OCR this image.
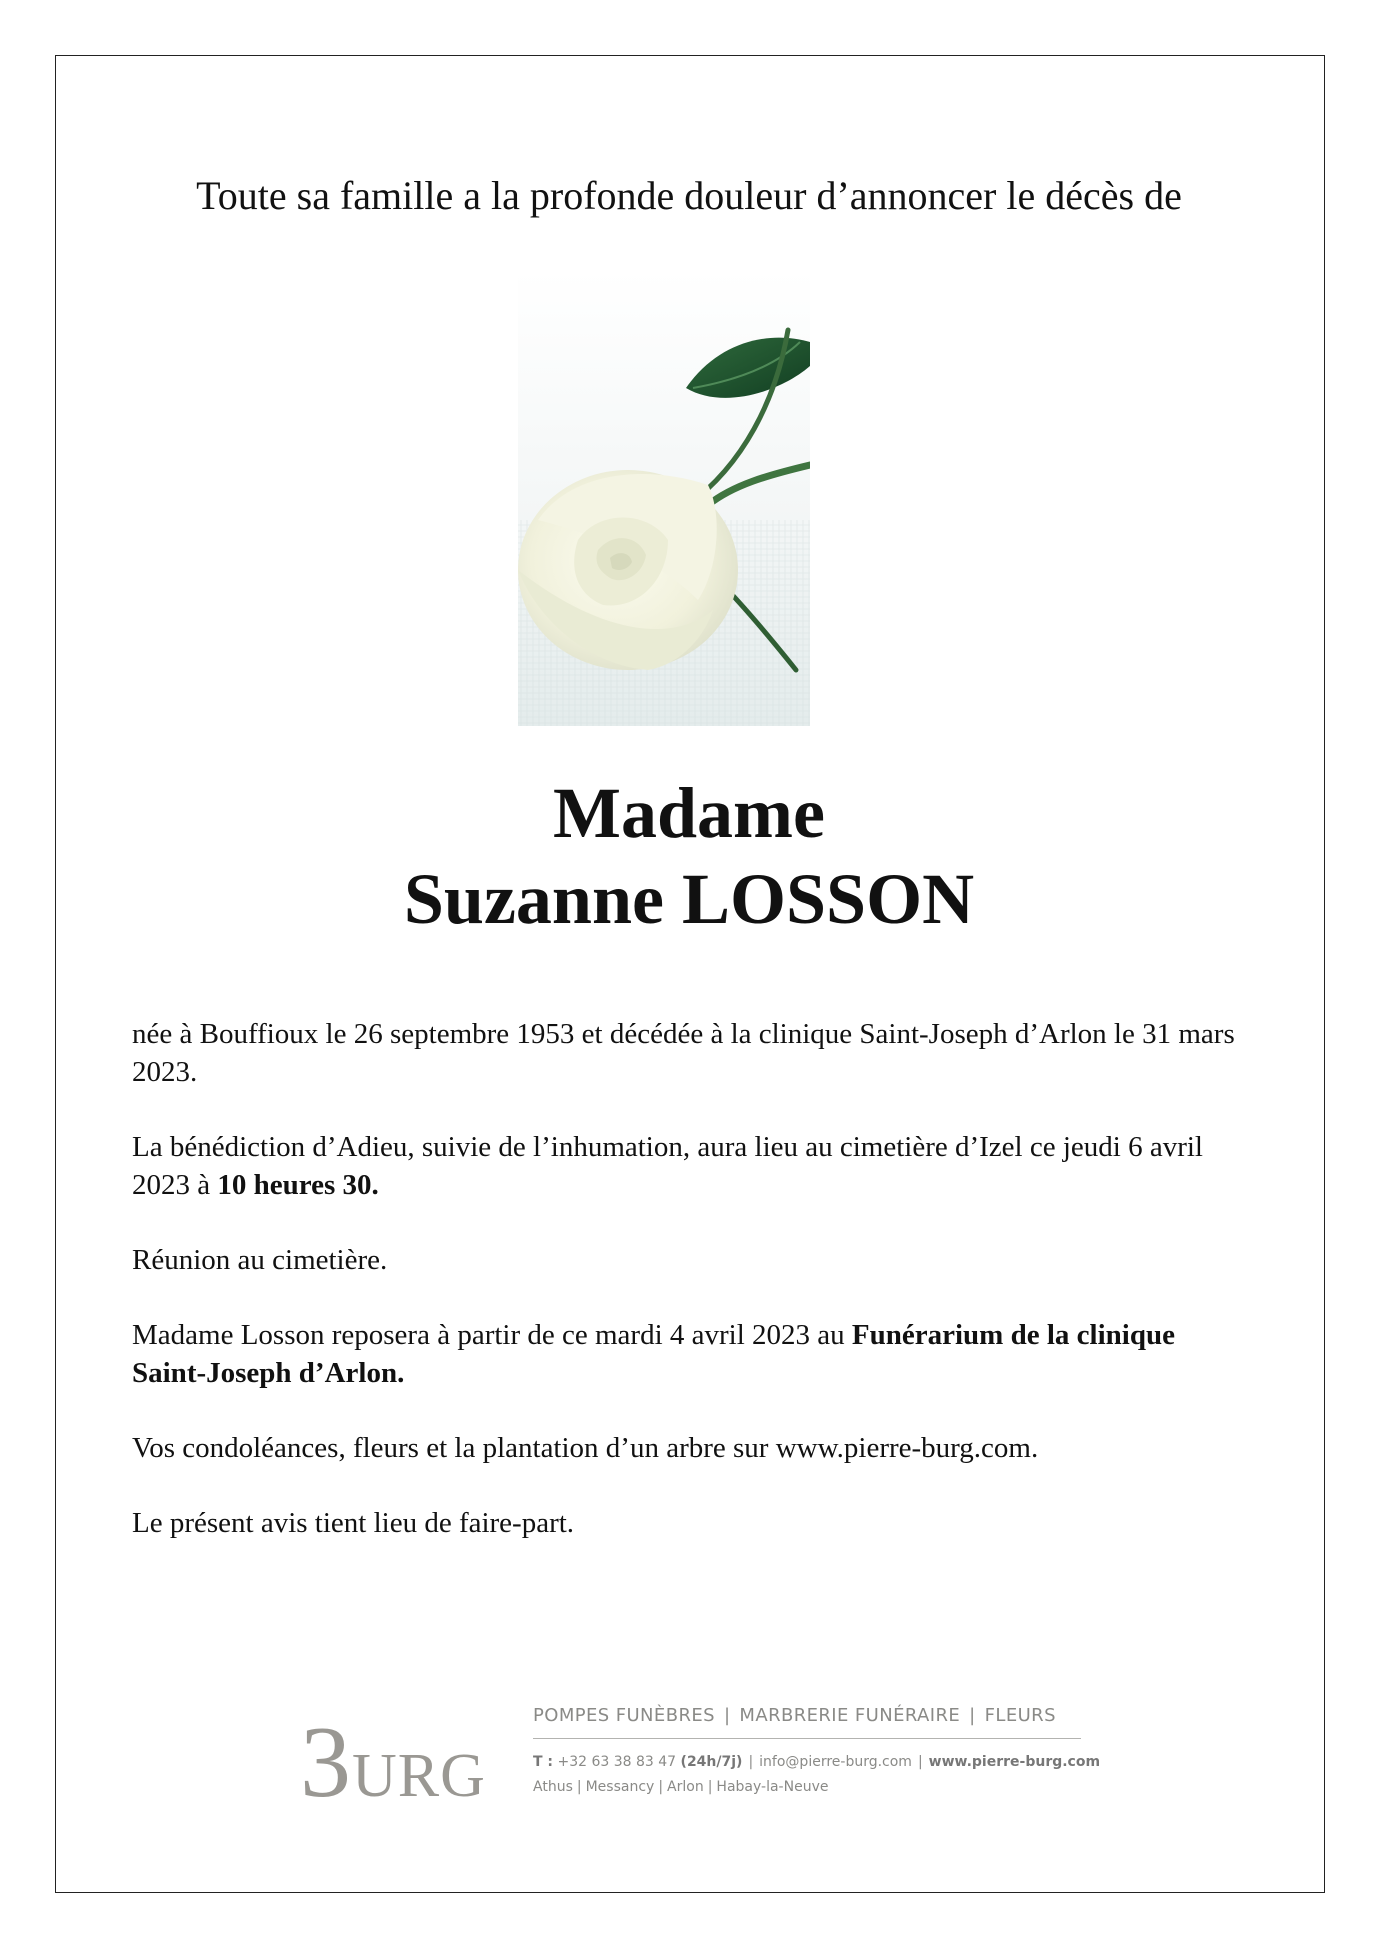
Toute sa famille a la profonde douleur d’annoncer le décès de
Madame
Suzanne LOSSON

née à Bouffioux le 26 septembre 1953 et décédée à la clinique Saint-Joseph d’Arlon le 31 mars 2023.

La bénédiction d’Adieu, suivie de l’inhumation, aura lieu au cimetière d’Izel ce jeudi 6 avril 2023 à 10 heures 30.

Réunion au cimetière.

Madame Losson reposera à partir de ce mardi 4 avril 2023 au Funérarium de la clinique Saint-Joseph d’Arlon.

Vos condoléances, fleurs et la plantation d’un arbre sur www.pierre-burg.com.

Le présent avis tient lieu de faire-part.

3 URG
POMPES FUNÈBRES | MARBRERIE FUNÉRAIRE | FLEURS
T : +32 63 38 83 47 (24h/7j) | info@pierre-burg.com | www.pierre-burg.com
Athus | Messancy | Arlon | Habay-la-Neuve
